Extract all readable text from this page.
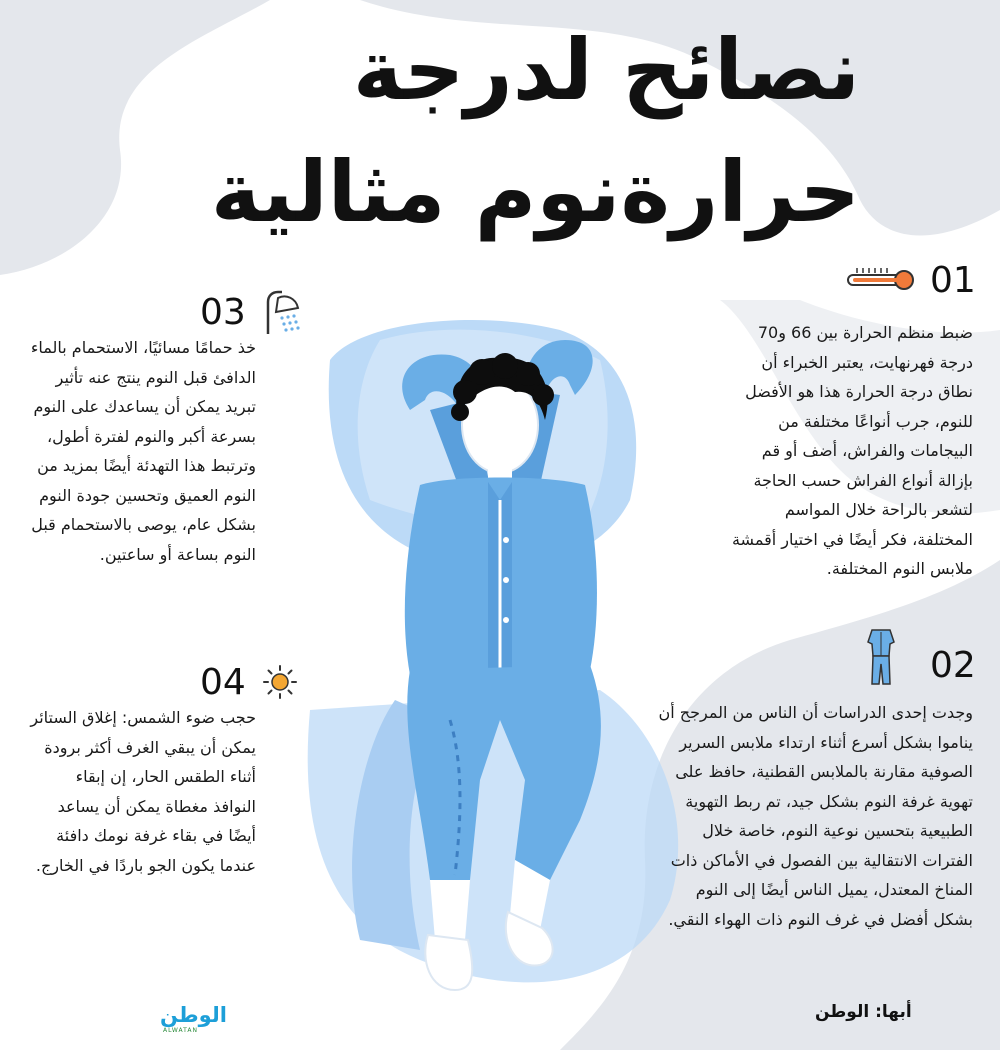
نصائح لدرجة
حرارةنوم مثالية
01

ضبط منظم الحرارة بين 66 و70 درجة فهرنهايت، يعتبر الخبراء أن نطاق درجة الحرارة هذا هو الأفضل للنوم، جرب أنواعًا مختلفة من البيجامات والفراش، أضف أو قم بإزالة أنواع الفراش حسب الحاجة لتشعر بالراحة خلال المواسم المختلفة، فكر أيضًا في اختيار أقمشة ملابس النوم المختلفة.

02

وجدت إحدى الدراسات أن الناس من المرجح أن يناموا بشكل أسرع أثناء ارتداء ملابس السرير الصوفية مقارنة بالملابس القطنية، حافظ على تهوية غرفة النوم بشكل جيد، تم ربط التهوية الطبيعية بتحسين نوعية النوم، خاصة خلال الفترات الانتقالية بين الفصول في الأماكن ذات المناخ المعتدل، يميل الناس أيضًا إلى النوم بشكل أفضل في غرف النوم ذات الهواء النقي.

03

خذ حمامًا مسائيًا، الاستحمام بالماء الدافئ قبل النوم ينتج عنه تأثير تبريد يمكن أن يساعدك على النوم بسرعة أكبر والنوم لفترة أطول، وترتبط هذا التهدئة أيضًا بمزيد من النوم العميق وتحسين جودة النوم بشكل عام، يوصى بالاستحمام قبل النوم بساعة أو ساعتين.

04

حجب ضوء الشمس: إغلاق الستائر يمكن أن يبقي الغرف أكثر برودة أثناء الطقس الحار، إن إبقاء النوافذ مغطاة يمكن أن يساعد أيضًا في بقاء غرفة نومك دافئة عندما يكون الجو باردًا في الخارج.

الوطن
ALWATAN
أبها: الوطن
